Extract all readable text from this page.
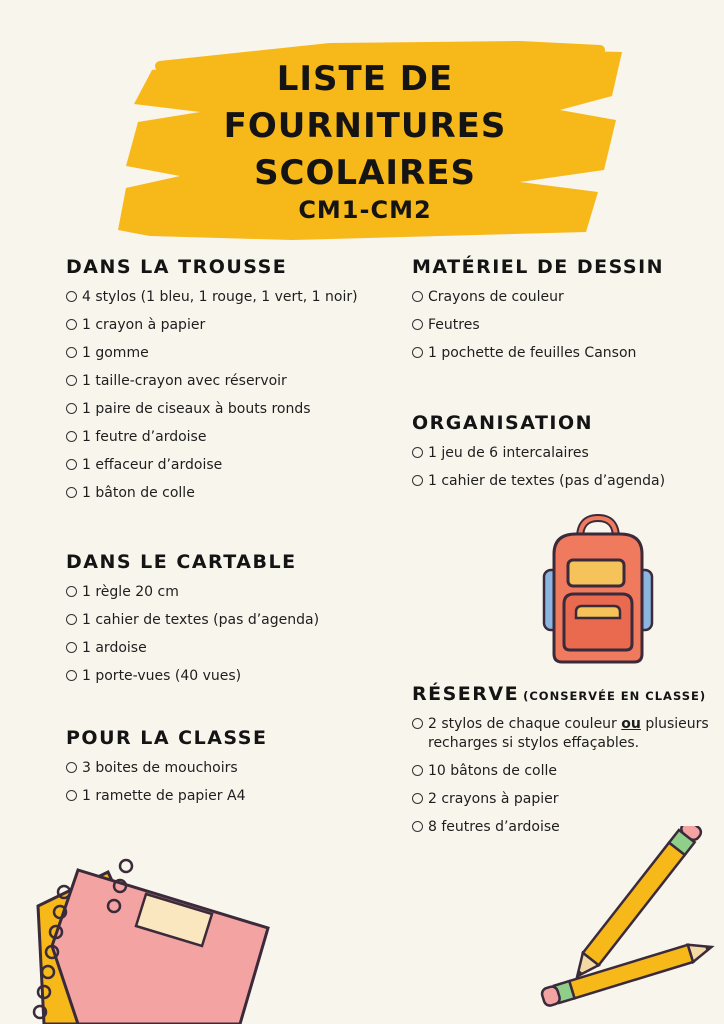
LISTE DE
FOURNITURES
SCOLAIRES
CM1-CM2
DANS LA TROUSSE
4 stylos (1 bleu, 1 rouge, 1 vert, 1 noir)
1 crayon à papier
1 gomme
1 taille-crayon avec réservoir
1 paire de ciseaux à bouts ronds
1 feutre d’ardoise
1 effaceur d’ardoise
1 bâton de colle
DANS LE CARTABLE
1 règle 20 cm
1 cahier de textes (pas d’agenda)
1 ardoise
1 porte-vues (40 vues)
POUR LA CLASSE
3 boites de mouchoirs
1 ramette de papier A4
MATÉRIEL DE DESSIN
Crayons de couleur
Feutres
1 pochette de feuilles Canson
ORGANISATION
1 jeu de 6 intercalaires
1 cahier de textes (pas d’agenda)
RÉSERVE (CONSERVÉE EN CLASSE)
2 stylos de chaque couleur ou plusieurs recharges si stylos effaçables.
10 bâtons de colle
2 crayons à papier
8 feutres d’ardoise
